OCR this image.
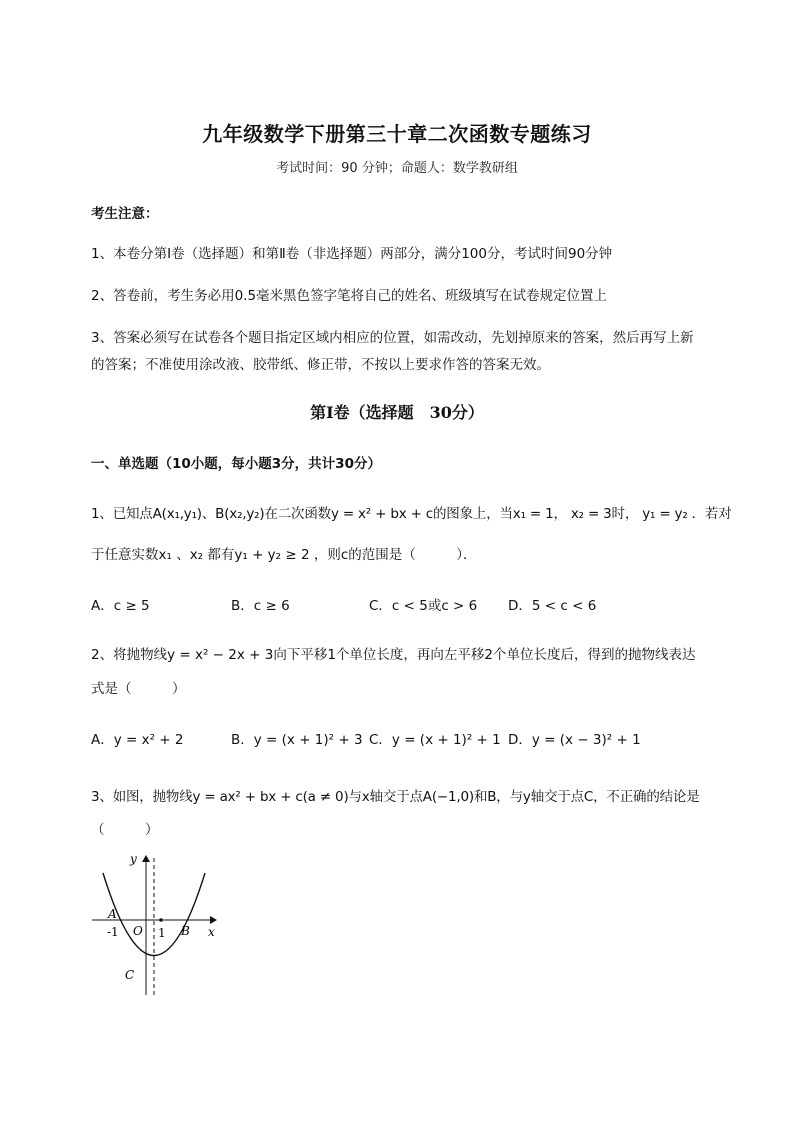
九年级数学下册第三十章二次函数专题练习
考试时间：90 分钟；命题人：数学教研组
考生注意：
1、本卷分第Ⅰ卷（选择题）和第Ⅱ卷（非选择题）两部分，满分100分，考试时间90分钟
2、答卷前，考生务必用0.5毫米黑色签字笔将自己的姓名、班级填写在试卷规定位置上
3、答案必须写在试卷各个题目指定区域内相应的位置，如需改动，先划掉原来的答案，然后再写上新
的答案；不准使用涂改液、胶带纸、修正带，不按以上要求作答的答案无效。
第Ⅰ卷（选择题　30分）
一、单选题（10小题，每小题3分，共计30分）
1、已知点A(x₁,y₁)、B(x₂,y₂)在二次函数y = x² + bx + c的图象上，当x₁ = 1， x₂ = 3时， y₁ = y₂ ．若对
于任意实数x₁ 、x₂ 都有y₁ + y₂ ≥ 2 ，则c的范围是（　　　）．
A．c ≥ 5	B．c ≥ 6	C．c < 5或c > 6 D．5 < c < 6
2、将抛物线y = x² − 2x + 3向下平移1个单位长度，再向左平移2个单位长度后，得到的抛物线表达
式是（　　　）
A．y = x² + 2	B．y = (x + 1)² + 3 C．y = (x + 1)² + 1 D．y = (x − 3)² + 1
3、如图，抛物线y = ax² + bx + c(a ≠ 0)与x轴交于点A(−1,0)和B，与y轴交于点C，不正确的结论是
（　　　）
y
x
A
B
C
O
-1	1
